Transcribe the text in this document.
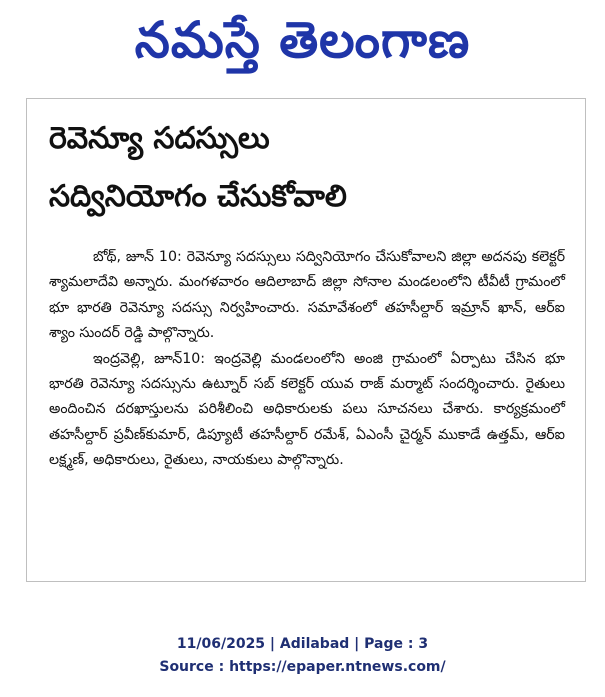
నమస్తే తెలంగాణ
రెవెన్యూ సదస్సులు
సద్వినియోగం చేసుకోవాలి

బోథ్‌, జూన్‌ 10: రెవెన్యూ సదస్సులు సద్వినియోగం చేసుకోవాలని జిల్లా అదనపు కలెక్టర్‌ శ్యామలాదేవి అన్నారు. మంగళవారం ఆదిలాబాద్‌ జిల్లా సోనాల మండలంలోని టీవీటీ గ్రామంలో భూ భారతి రెవెన్యూ సదస్సు నిర్వహించారు. సమావేశంలో తహసీల్దార్‌ ఇమ్రాన్‌ ఖాన్‌, ఆర్‌ఐ శ్యాం సుందర్‌ రెడ్డి పాల్గొన్నారు.

ఇంద్రవెల్లి, జూన్‌10: ఇంద్రవెల్లి మండలంలోని అంజి గ్రామంలో ఏర్పాటు చేసిన భూ భారతి రెవెన్యూ సదస్సును ఉట్నూర్‌ సబ్‌ కలెక్టర్‌ యువ రాజ్‌ మర్మాట్‌ సందర్శించారు. రైతులు అందించిన దరఖాస్తులను పరిశీలించి అధికారులకు పలు సూచనలు చేశారు. కార్యక్రమంలో తహసీల్దార్‌ ప్రవీణ్‌కుమార్‌, డిప్యూటీ తహసీల్దార్‌ రమేశ్‌, ఏఎంసీ చైర్మన్‌ ముకాడే ఉత్తమ్‌, ఆర్‌ఐ లక్ష్మణ్‌, అధికారులు, రైతులు, నాయకులు పాల్గొన్నారు.

11/06/2025 | Adilabad | Page : 3
Source : https://epaper.ntnews.com/
